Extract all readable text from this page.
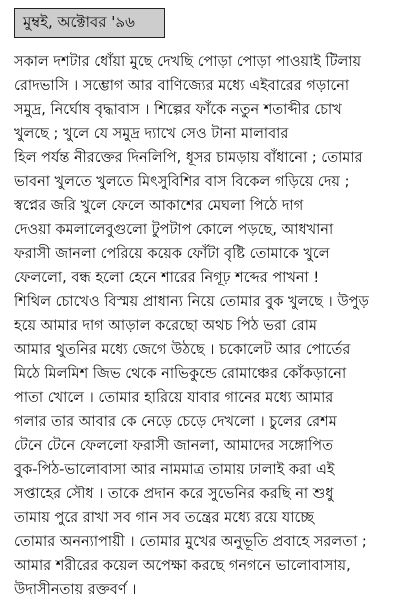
মুম্বই, অক্টোবর '৯৬
সকাল দশটার ধোঁয়া মুছে দেখছি পোড়া পোড়া পাওয়াই টিলায়
রোদভাসি । সম্ভোগ আর বাণিজ্যের মধ্যে এইবারের গড়ানো
সমুদ্র, নির্ঘোষ বৃদ্ধাবাস । শিল্পের ফাঁকে নতুন শতাব্দীর চোখ
খুলছে ; খুলে যে সমুদ্র দ্যাখে সেও টানা মালাবার
হিল পর্যন্ত নীরক্তের দিনলিপি, ধূসর চামড়ায় বাঁধানো ; তোমার
ভাবনা খুলতে খুলতে মিৎসুবিশির বাস বিকেল গড়িয়ে দেয় ;
স্বপ্নের জরি খুলে ফেলে আকাশের মেঘলা পিঠে দাগ
দেওয়া কমলালেবুগুলো টুপটাপ কোলে পড়ছে, আধখানা
ফরাসী জানলা পেরিয়ে কয়েক ফোঁটা বৃষ্টি তোমাকে খুলে
ফেললো, বন্ধ হলো হেনে শারের নিগূঢ় শব্দের পাখনা !
শিথিল চোখেও বিস্ময় প্রাধান্য নিয়ে তোমার বুক খুলছে । উপুড়
হয়ে আমার দাগ আড়াল করেছো অথচ পিঠ ভরা রোম
আমার থুতনির মধ্যে জেগে উঠছে । চকোলেট আর পোর্তের
মিঠে মিলমিশ জিভ থেকে নাভিকুন্ডে রোমাঞ্চের কোঁকড়ানো
পাতা খোলে । তোমার হারিয়ে যাবার গানের মধ্যে আমার
গলার তার আবার কে নেড়ে চেড়ে দেখলো । চুলের রেশম
টেনে টেনে ফেললো ফরাসী জানলা, আমাদের সঙ্গোপিত
বুক-পিঠ-ভালোবাসা আর নামমাত্র তামায় ঢালাই করা এই
সপ্তাহের সৌধ । তাকে প্রদান করে সুভেনির করছি না শুধু
তামায় পুরে রাখা সব গান সব তন্ত্রের মধ্যে রয়ে যাচ্ছে
তোমার অনন্যাপায়ী । তোমার মুখের অনুভূতি প্রবাহে সরলতা ;
আমার শরীরের কয়েল অপেক্ষা করছে গনগনে ভালোবাসায়,
উদাসীনতায় রক্তবর্ণ ।
